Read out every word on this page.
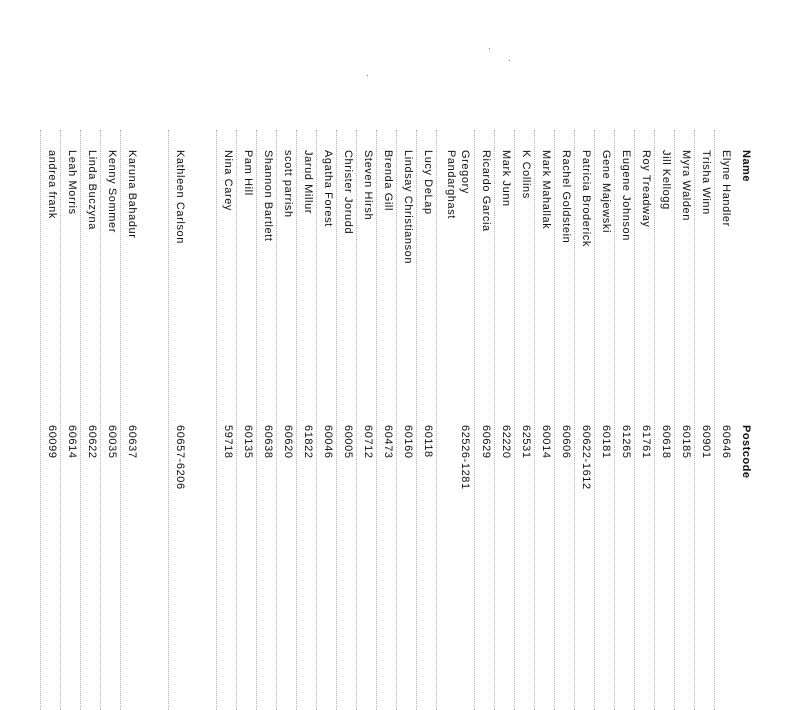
Name
Postcode
Elyne Handler
60646
Trisha Winn
60901
Myra Walden
60185
Jill Kellogg
60618
Roy Treadway
61761
Eugene Johnson
61265
Gene Majewski
60181
Patricia Broderick
60622-1612
Rachel Goldstein
60606
Mark Mahallak
60014
K Collins
62531
Mark Junn
62220
Ricardo Garcia
60629
Gregory
Pandarghast
62526-1281
Lucy DeLap
60118
Lindsay Christianson
60160
Brenda Gill
60473
Steven Hirsh
60712
Christer Jorudd
60005
Agatha Forest
60046
Jarud Millur
61822
scott parrish
60620
Shannon Bartlett
60638
Pam Hill
60135
Nina Carey
59718
Kathleen Carlson
60657-6206
Karuna Bahadur
60637
Kenny Sommer
60035
Linda Buczyna
60622
Leah Morris
60614
andrea frank
60099
